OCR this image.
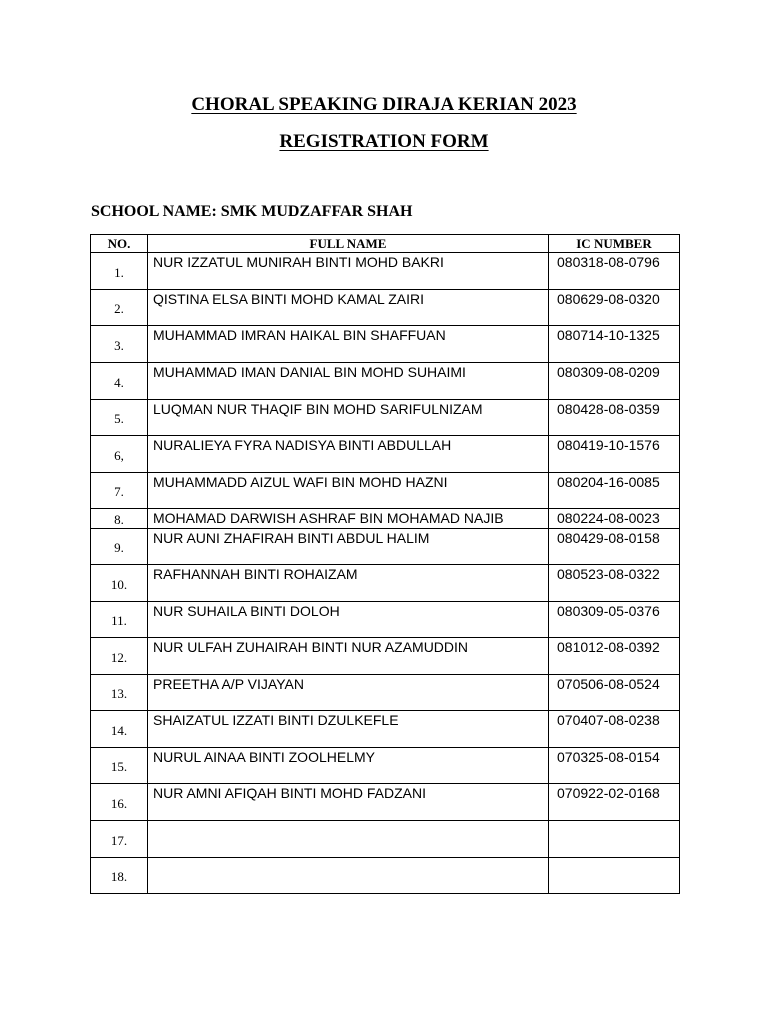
CHORAL SPEAKING DIRAJA KERIAN 2023
REGISTRATION FORM

SCHOOL NAME: SMK MUDZAFFAR SHAH

NO.	FULL NAME	IC NUMBER
1.	NUR IZZATUL MUNIRAH BINTI MOHD BAKRI	080318-08-0796
2.	QISTINA ELSA BINTI MOHD KAMAL ZAIRI	080629-08-0320
3.	MUHAMMAD IMRAN HAIKAL BIN SHAFFUAN	080714-10-1325
4.	MUHAMMAD IMAN DANIAL BIN MOHD SUHAIMI	080309-08-0209
5.	LUQMAN NUR THAQIF BIN MOHD SARIFULNIZAM	080428-08-0359
6,	NURALIEYA FYRA NADISYA BINTI ABDULLAH	080419-10-1576
7.	MUHAMMADD AIZUL WAFI BIN MOHD HAZNI	080204-16-0085
8.	MOHAMAD DARWISH ASHRAF BIN MOHAMAD NAJIB	080224-08-0023
9.	NUR AUNI ZHAFIRAH BINTI ABDUL HALIM	080429-08-0158
10.	RAFHANNAH BINTI ROHAIZAM	080523-08-0322
11.	NUR SUHAILA BINTI DOLOH	080309-05-0376
12.	NUR ULFAH ZUHAIRAH BINTI NUR AZAMUDDIN	081012-08-0392
13.	PREETHA A/P VIJAYAN	070506-08-0524
14.	SHAIZATUL IZZATI BINTI DZULKEFLE	070407-08-0238
15.	NURUL AINAA BINTI ZOOLHELMY	070325-08-0154
16.	NUR AMNI AFIQAH BINTI MOHD FADZANI	070922-02-0168
17.		
18.		
